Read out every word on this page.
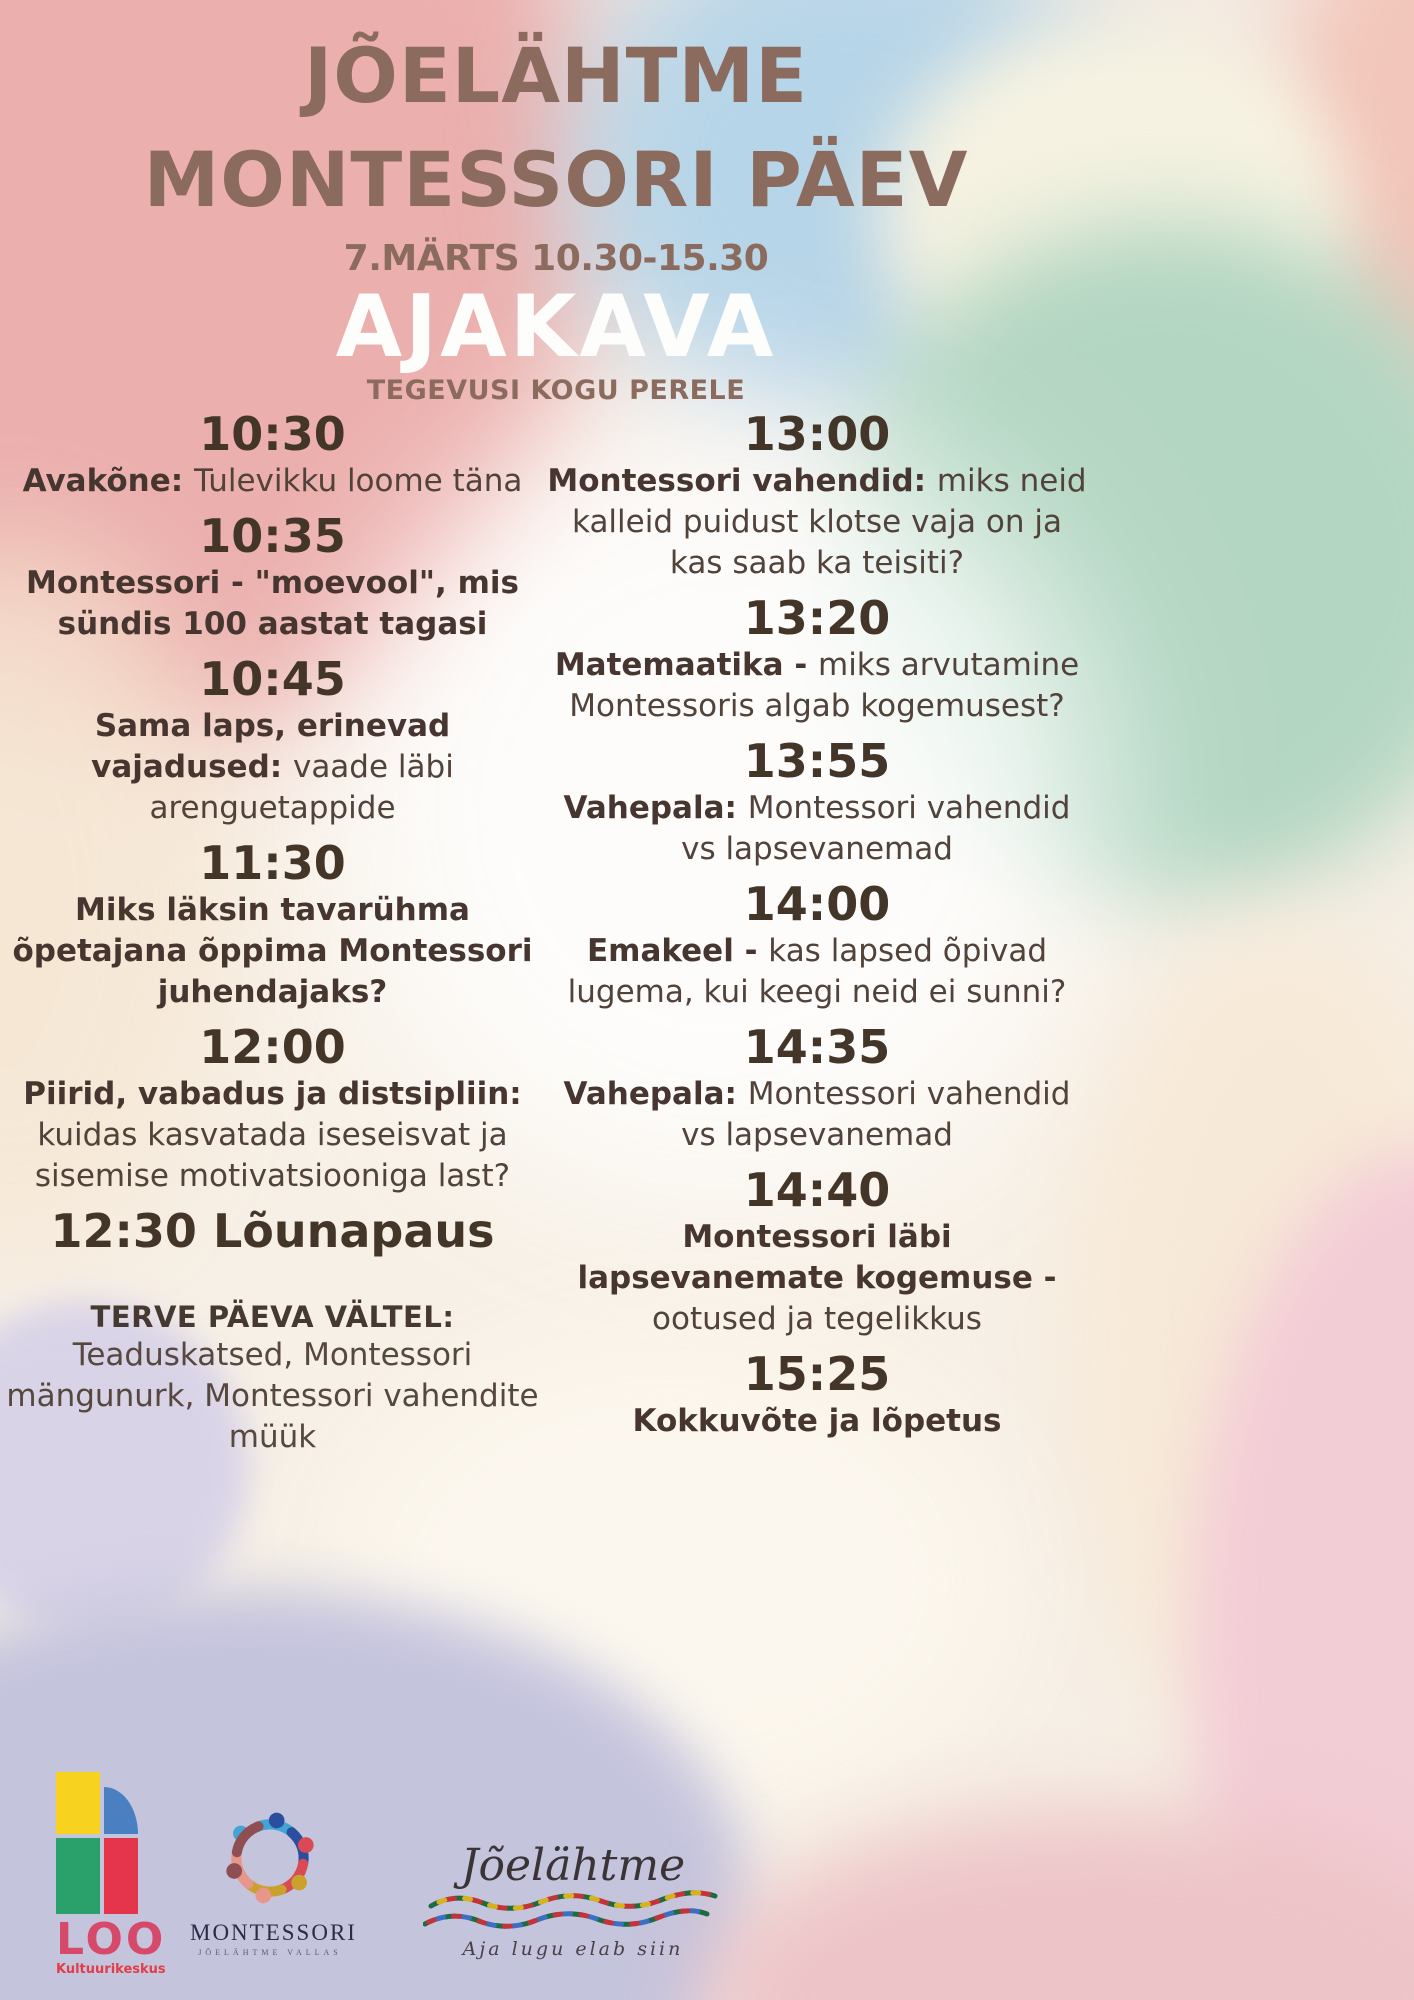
JÕELÄHTME
MONTESSORI PÄEV
7.MÄRTS 10.30-15.30
AJAKAVA
TEGEVUSI KOGU PERELE
10:30
Avakõne: Tulevikku loome täna
10:35
Montessori - "moevool", mis sündis 100 aastat tagasi
10:45
Sama laps, erinevad vajadused: vaade läbi arenguetappide
11:30
Miks läksin tavarühma õpetajana õppima Montessori juhendajaks?
12:00
Piirid, vabadus ja distsipliin: kuidas kasvatada iseseisvat ja sisemise motivatsiooniga last?
12:30 Lõunapaus
TERVE PÄEVA VÄLTEL:
Teaduskatsed, Montessori mängunurk, Montessori vahendite müük
13:00
Montessori vahendid: miks neid kalleid puidust klotse vaja on ja kas saab ka teisiti?
13:20
Matemaatika - miks arvutamine Montessoris algab kogemusest?
13:55
Vahepala: Montessori vahendid vs lapsevanemad
14:00
Emakeel - kas lapsed õpivad lugema, kui keegi neid ei sunni?
14:35
Vahepala: Montessori vahendid vs lapsevanemad
14:40
Montessori läbi lapsevanemate kogemuse - ootused ja tegelikkus
15:25
Kokkuvõte ja lõpetus
LOO
Kultuurikeskus
MONTESSORI
JÕELÄHTME VALLAS
Jõelähtme
Aja lugu elab siin
